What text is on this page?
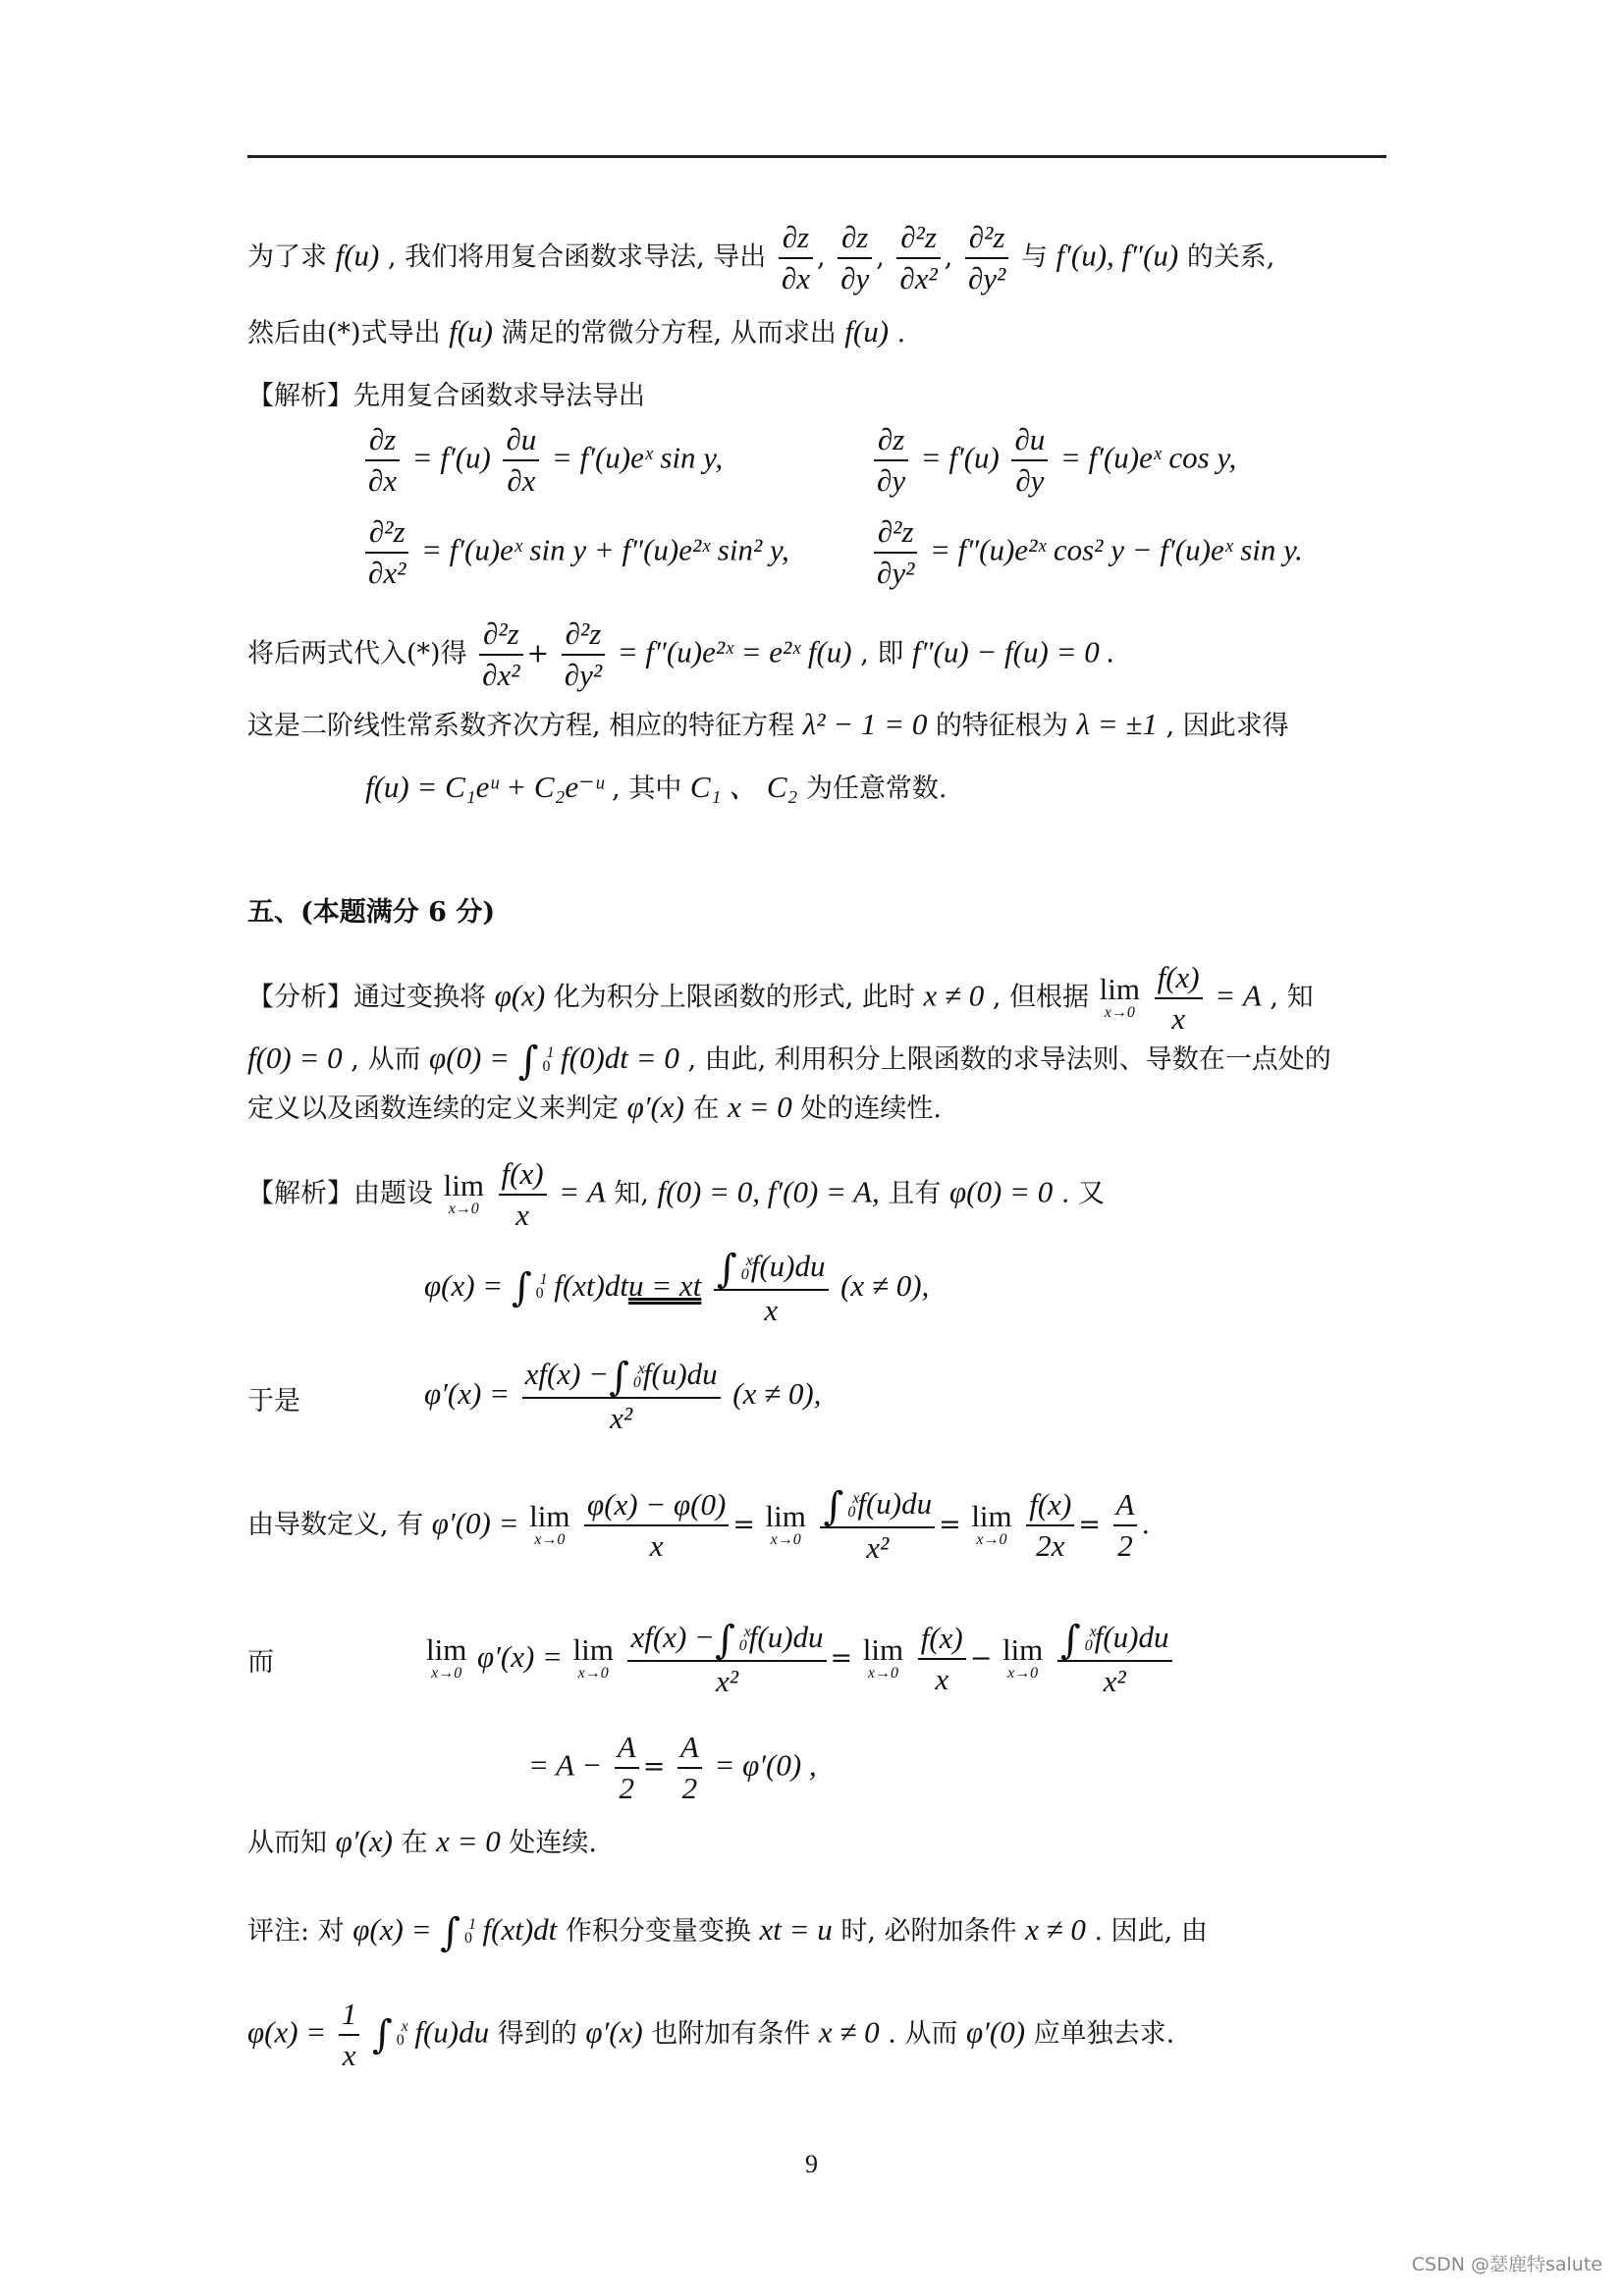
为了求 f(u) , 我们将用复合函数求导法, 导出 $\frac{\partial z}{\partial x}$ , $\frac{\partial z}{\partial y}$ , $\frac{\text{∂²z}}{\text{∂x²}}$ , $\frac{\text{∂²z}}{\text{∂y²}}$ 与 f′(u), f″(u) 的关系,
然后由(*)式导出 f(u) 满足的常微分方程, 从而求出 f(u) .
【解析】先用复合函数求导法导出
$\frac{\partial z}{\partial x} = f'(u) \frac{\partial u}{\partial x}$ = f′(u)eˣ sin y,	$\frac{\partial z}{\partial y} = f'(u) \frac{\partial u}{\partial y}$ = f′(u)eˣ cos y,
$\frac{\text{∂²z}}{\text{∂x²}}$ = f′(u)eˣ sin y + f″(u)e²ˣ sin² y,	$\frac{\text{∂²z}}{\text{∂y²}}$ = f″(u)e²ˣ cos² y − f′(u)eˣ sin y.
将后两式代入(*)得 $\frac{\text{∂²z}}{\text{∂x²}} + \frac{\text{∂²z}}{\text{∂y²}}$ = f″(u)e²ˣ = e²ˣ f(u) , 即 f″(u) − f(u) = 0 .
这是二阶线性常系数齐次方程, 相应的特征方程 λ² − 1 = 0 的特征根为 λ = ±1 , 因此求得
f(u) = C₁eᵘ + C₂e⁻ᵘ , 其中 C₁ 、 C₂ 为任意常数.
五、(本题满分 6 分)
【分析】通过变换将 φ(x) 化为积分上限函数的形式, 此时 x ≠ 0 , 但根据 lim
x→0
$\frac{f(x)}{x} = A$ , 知
f(0) = 0 , 从而 φ(0) = ∫ 1
0 f(0)dt = 0 , 由此, 利用积分上限函数的求导法则、导数在一点处的
定义以及函数连续的定义来判定 φ′(x) 在 x = 0 处的连续性.
【解析】由题设 lim
x→0
$\frac{f(x)}{x} = A$ 知, f(0) = 0, f′(0) = A, 且有 φ(0) = 0 . 又
φ(x) = ∫ 1
0 f(xt)dtu = xt ∫ x
0 f(u)du
x (x ≠ 0),
于是	φ′(x) = xf(x) −∫ x
0 f(u)du
x² (x ≠ 0),
由导数定义, 有 φ′(0) = lim
x→0
$\frac{\varphi(x) - \varphi(0)}{x} = \lim$
x→0
∫ x
0 f(u)du
x² = lim
x→0
$\frac{f(x)}{2x} = \frac{A}{2}$ .
而	lim
x→0 φ′(x) = lim
x→0
xf(x) −∫ x
0 f(u)du
x² = lim
x→0
$\frac{f(x)}{x} - \lim$
x→0
∫ x
0 f(u)du
x²
= $A - \frac{A}{2} = \frac{A}{2} = \varphi'(0)$ ,
从而知 φ′(x) 在 x = 0 处连续.
评注: 对 φ(x) = ∫ 1
0 f(xt)dt 作积分变量变换 xt = u 时, 必附加条件 x ≠ 0 . 因此, 由
$\varphi(x) = \frac{1}{x}$ ∫ x
0 f(u)du 得到的 φ′(x) 也附加有条件 x ≠ 0 . 从而 φ′(0) 应单独去求.
9
CSDN @瑟鹿特salute
